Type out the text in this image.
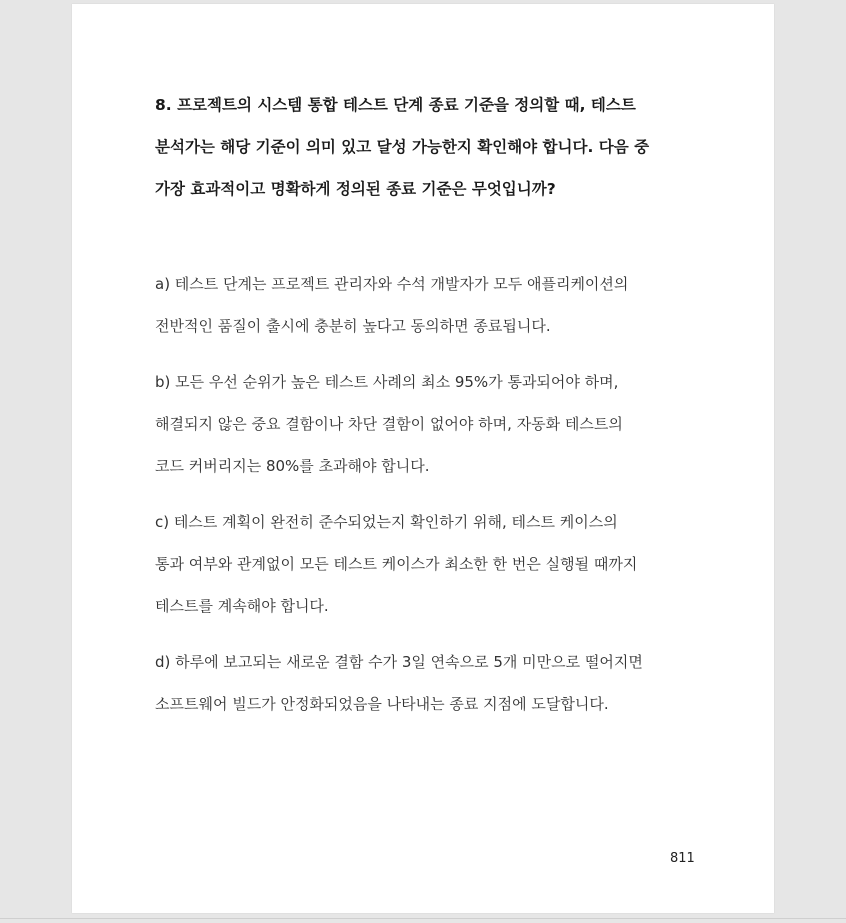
8. 프로젝트의 시스템 통합 테스트 단계 종료 기준을 정의할 때, 테스트
분석가는 해당 기준이 의미 있고 달성 가능한지 확인해야 합니다. 다음 중
가장 효과적이고 명확하게 정의된 종료 기준은 무엇입니까?
a) 테스트 단계는 프로젝트 관리자와 수석 개발자가 모두 애플리케이션의
전반적인 품질이 출시에 충분히 높다고 동의하면 종료됩니다.
b) 모든 우선 순위가 높은 테스트 사례의 최소 95%가 통과되어야 하며,
해결되지 않은 중요 결함이나 차단 결함이 없어야 하며, 자동화 테스트의
코드 커버리지는 80%를 초과해야 합니다.
c) 테스트 계획이 완전히 준수되었는지 확인하기 위해, 테스트 케이스의
통과 여부와 관계없이 모든 테스트 케이스가 최소한 한 번은 실행될 때까지
테스트를 계속해야 합니다.
d) 하루에 보고되는 새로운 결함 수가 3일 연속으로 5개 미만으로 떨어지면
소프트웨어 빌드가 안정화되었음을 나타내는 종료 지점에 도달합니다.
811
